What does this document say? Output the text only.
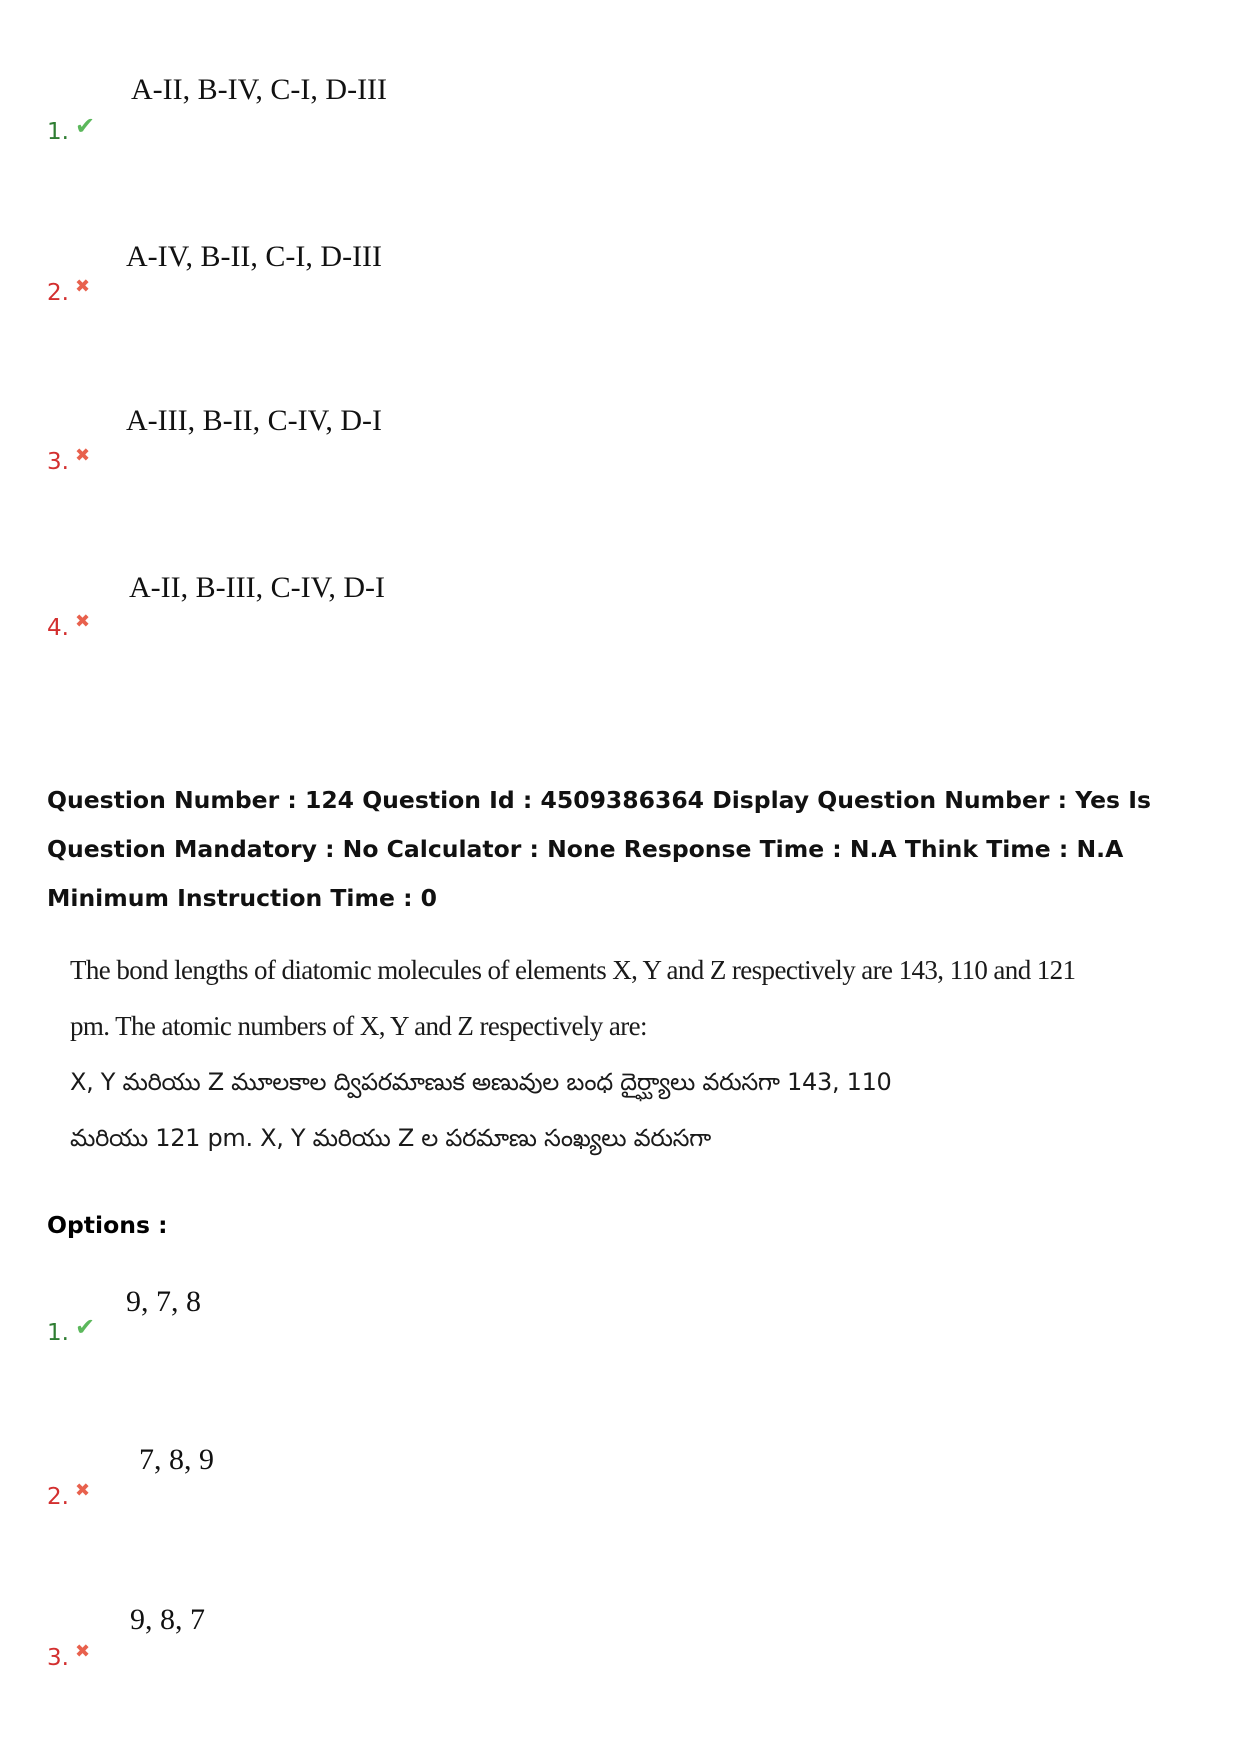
A-II, B-IV, C-I, D-III
1. ✔
A-IV, B-II, C-I, D-III
2. ✖
A-III, B-II, C-IV, D-I
3. ✖
A-II, B-III, C-IV, D-I
4. ✖
Question Number : 124 Question Id : 4509386364 Display Question Number : Yes Is Question Mandatory : No Calculator : None Response Time : N.A Think Time : N.A Minimum Instruction Time : 0
The bond lengths of diatomic molecules of elements X, Y and Z respectively are 143, 110 and 121
pm. The atomic numbers of X, Y and Z respectively are:
X, Y మరియు Z మూలకాల ద్విపరమాణుక అణువుల బంధ దైర్ఘ్యాలు వరుసగా 143, 110
మరియు 121 pm. X, Y మరియు Z ల పరమాణు సంఖ్యలు వరుసగా
Options :
9, 7, 8
1. ✔
7, 8, 9
2. ✖
9, 8, 7
3. ✖
